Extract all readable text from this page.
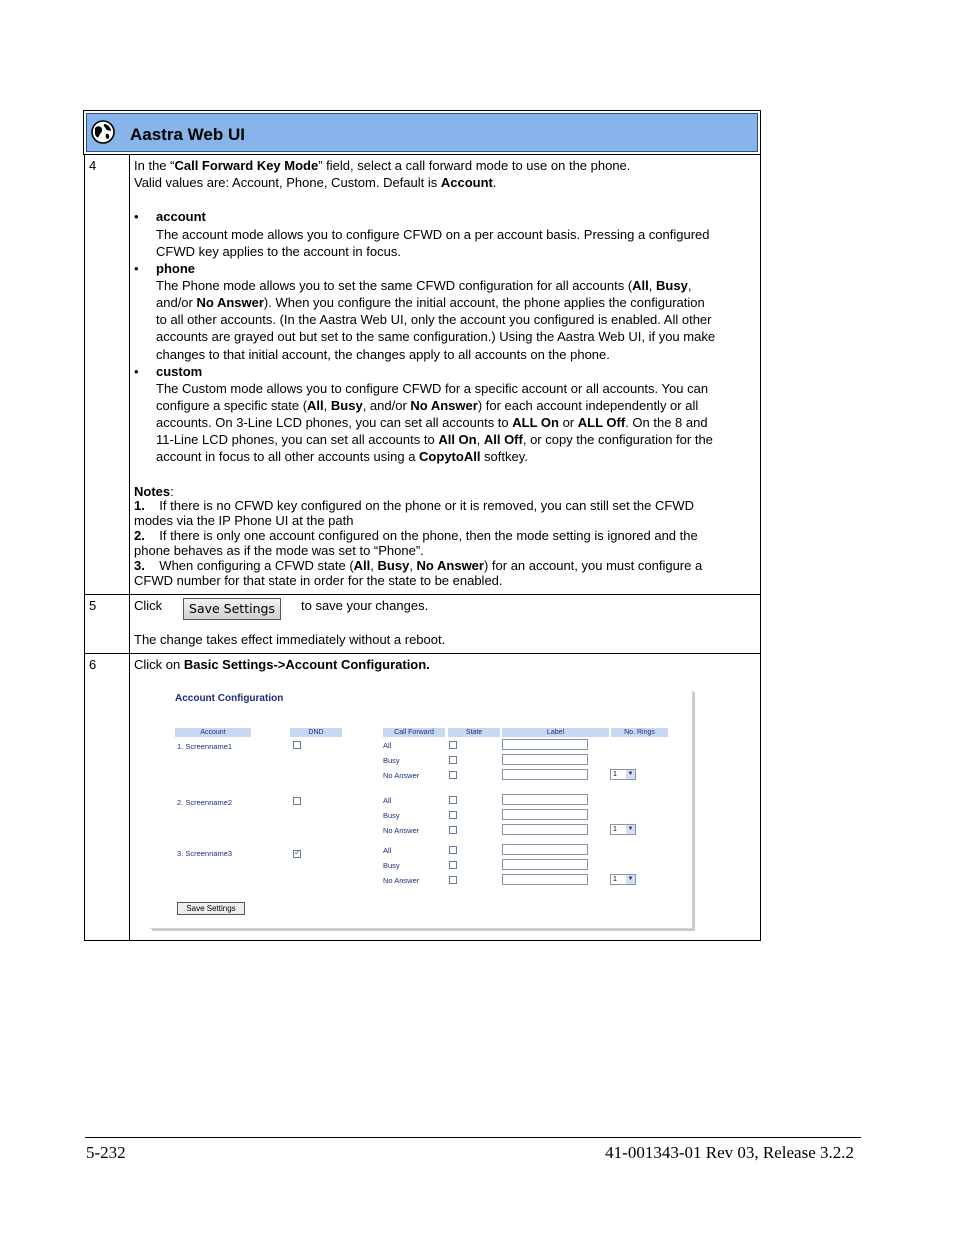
Aastra Web UI
4	In the “Call Forward Key Mode” field, select a call forward mode to use on the phone.
Valid values are: Account, Phone, Custom. Default is Account.
• account
The account mode allows you to configure CFWD on a per account basis. Pressing a configured
CFWD key applies to the account in focus.
• phone
The Phone mode allows you to set the same CFWD configuration for all accounts (All, Busy,
and/or No Answer). When you configure the initial account, the phone applies the configuration
to all other accounts. (In the Aastra Web UI, only the account you configured is enabled. All other
accounts are grayed out but set to the same configuration.) Using the Aastra Web UI, if you make
changes to that initial account, the changes apply to all accounts on the phone.
• custom
The Custom mode allows you to configure CFWD for a specific account or all accounts. You can
configure a specific state (All, Busy, and/or No Answer) for each account independently or all
accounts. On 3-Line LCD phones, you can set all accounts to ALL On or ALL Off. On the 8 and
11-Line LCD phones, you can set all accounts to All On, All Off, or copy the configuration for the
account in focus to all other accounts using a CopytoAll softkey.
Notes:
1. If there is no CFWD key configured on the phone or it is removed, you can still set the CFWD
modes via the IP Phone UI at the path
2. If there is only one account configured on the phone, then the mode setting is ignored and the
phone behaves as if the mode was set to “Phone”.
3. When configuring a CFWD state (All, Busy, No Answer) for an account, you must configure a
CFWD number for that state in order for the state to be enabled.
5	Click	Save Settings	to save your changes.
The change takes effect immediately without a reboot.
6	Click on Basic Settings->Account Configuration.
Account Configuration
Account	DND	Call Forward	State	Label	No. Rings
1. Screenname1	All
Busy
No Answer	1 ▼
2. Screenname2	All
Busy
No Answer	1 ▼
3. Screenname3
✓	All
Busy
No Answer	1 ▼
Save Settings
5-232	41-001343-01 Rev 03, Release 3.2.2
